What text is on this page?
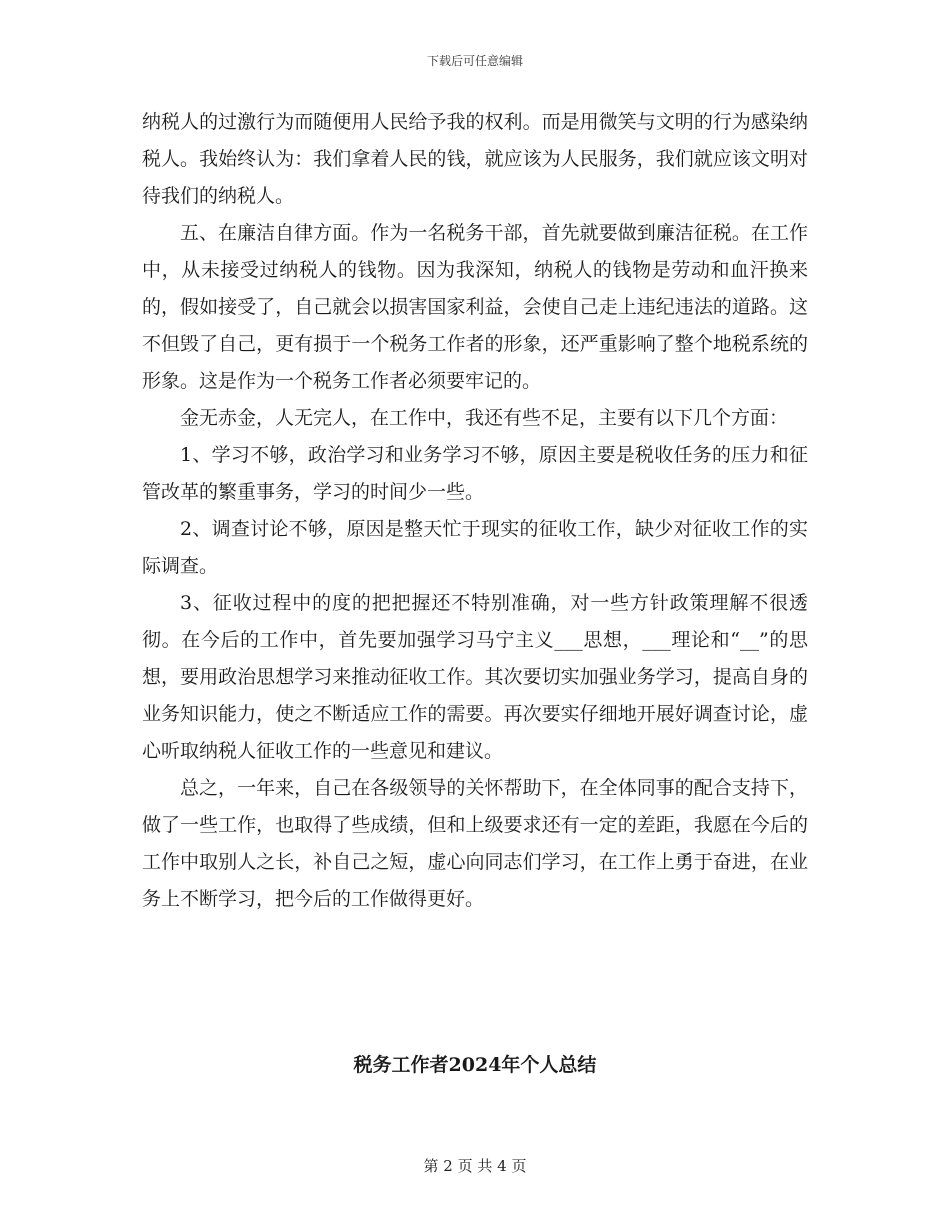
下载后可任意编辑

纳税人的过激行为而随便用人民给予我的权利。而是用微笑与文明的行为感染纳税人。我始终认为：我们拿着人民的钱，就应该为人民服务，我们就应该文明对待我们的纳税人。

五、在廉洁自律方面。作为一名税务干部，首先就要做到廉洁征税。在工作中，从未接受过纳税人的钱物。因为我深知，纳税人的钱物是劳动和血汗换来的，假如接受了，自己就会以损害国家利益，会使自己走上违纪违法的道路。这不但毁了自己，更有损于一个税务工作者的形象，还严重影响了整个地税系统的形象。这是作为一个税务工作者必须要牢记的。

金无赤金，人无完人，在工作中，我还有些不足，主要有以下几个方面：

1、学习不够，政治学习和业务学习不够，原因主要是税收任务的压力和征管改革的繁重事务，学习的时间少一些。

2、调查讨论不够，原因是整天忙于现实的征收工作，缺少对征收工作的实际调查。

3、征收过程中的度的把把握还不特别准确，对一些方针政策理解不很透彻。在今后的工作中，首先要加强学习马宁主义___思想，___理论和“__”的思想，要用政治思想学习来推动征收工作。其次要切实加强业务学习，提高自身的业务知识能力，使之不断适应工作的需要。再次要实仔细地开展好调查讨论，虚心听取纳税人征收工作的一些意见和建议。

总之，一年来，自己在各级领导的关怀帮助下，在全体同事的配合支持下，做了一些工作，也取得了些成绩，但和上级要求还有一定的差距，我愿在今后的工作中取别人之长，补自己之短，虚心向同志们学习，在工作上勇于奋进，在业务上不断学习，把今后的工作做得更好。

税务工作者2024年个人总结
第 2 页 共 4 页
